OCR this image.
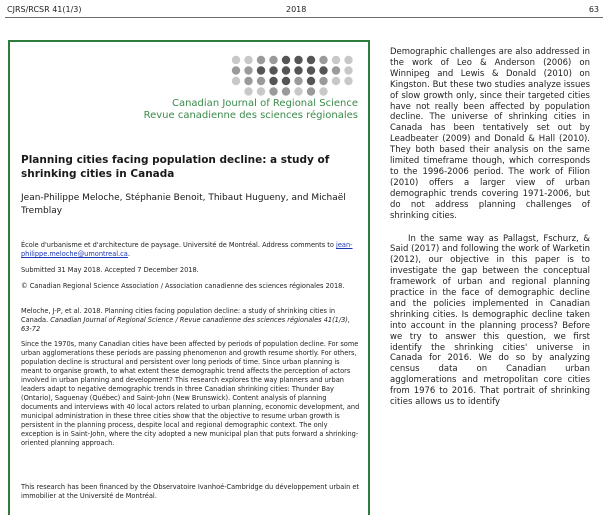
CJRS/RCSR 41(1/3)	2018	63
Canadian Journal of Regional Science
Revue canadienne des sciences régionales
Planning cities facing population decline: a study of shrinking cities in Canada
Jean-Philippe Meloche, Stéphanie Benoit, Thibaut Hugueny, and Michaël Tremblay
École d'urbanisme et d'architecture de paysage. Université de Montréal. Address comments to jean-philippe.meloche@umontreal.ca.
Submitted 31 May 2018. Accepted 7 December 2018.
© Canadian Regional Science Association / Association canadienne des sciences régionales 2018.
Meloche, J-P, et al. 2018. Planning cities facing population decline: a study of shrinking cities in Canada. Canadian Journal of Regional Science / Revue canadienne des sciences régionales 41(1/3), 63-72
Since the 1970s, many Canadian cities have been affected by periods of population decline. For some urban agglomerations these periods are passing phenomenon and growth resume shortly. For others, population decline is structural and persistent over long periods of time. Since urban planning is meant to organise growth, to what extent these demographic trend affects the perception of actors involved in urban planning and development? This research explores the way planners and urban leaders adapt to negative demographic trends in three Canadian shrinking cities: Thunder Bay (Ontario), Saguenay (Québec) and Saint-John (New Brunswick). Content analysis of planning documents and interviews with 40 local actors related to urban planning, economic development, and municipal administration in these three cities show that the objective to resume urban growth is persistent in the planning process, despite local and regional demographic context. The only exception is in Saint-John, where the city adopted a new municipal plan that puts forward a shrinking-oriented planning approach.
This research has been financed by the Observatoire Ivanhoé-Cambridge du développement urbain et immobilier at the Université de Montréal.

Demographic challenges are also addressed in the work of Leo & Anderson (2006) on Winnipeg and Lewis & Donald (2010) on Kingston. But these two studies analyze issues of slow growth only, since their targeted cities have not really been affected by population decline. The universe of shrinking cities in Canada has been tentatively set out by Leadbeater (2009) and Donald & Hall (2010). They both based their analysis on the same limited timeframe though, which corresponds to the 1996-2006 period. The work of Filion (2010) offers a larger view of urban demographic trends covering 1971-2006, but do not address planning challenges of shrinking cities.

In the same way as Pallagst, Fschurz, & Said (2017) and following the work of Warketin (2012), our objective in this paper is to investigate the gap between the conceptual framework of urban and regional planning practice in the face of demographic decline and the policies implemented in Canadian shrinking cities. Is demographic decline taken into account in the planning process? Before we try to answer this question, we first identify the shrinking cities' universe in Canada for 2016. We do so by analyzing census data on Canadian urban agglomerations and metropolitan core cities from 1976 to 2016. That portrait of shrinking cities allows us to identify
